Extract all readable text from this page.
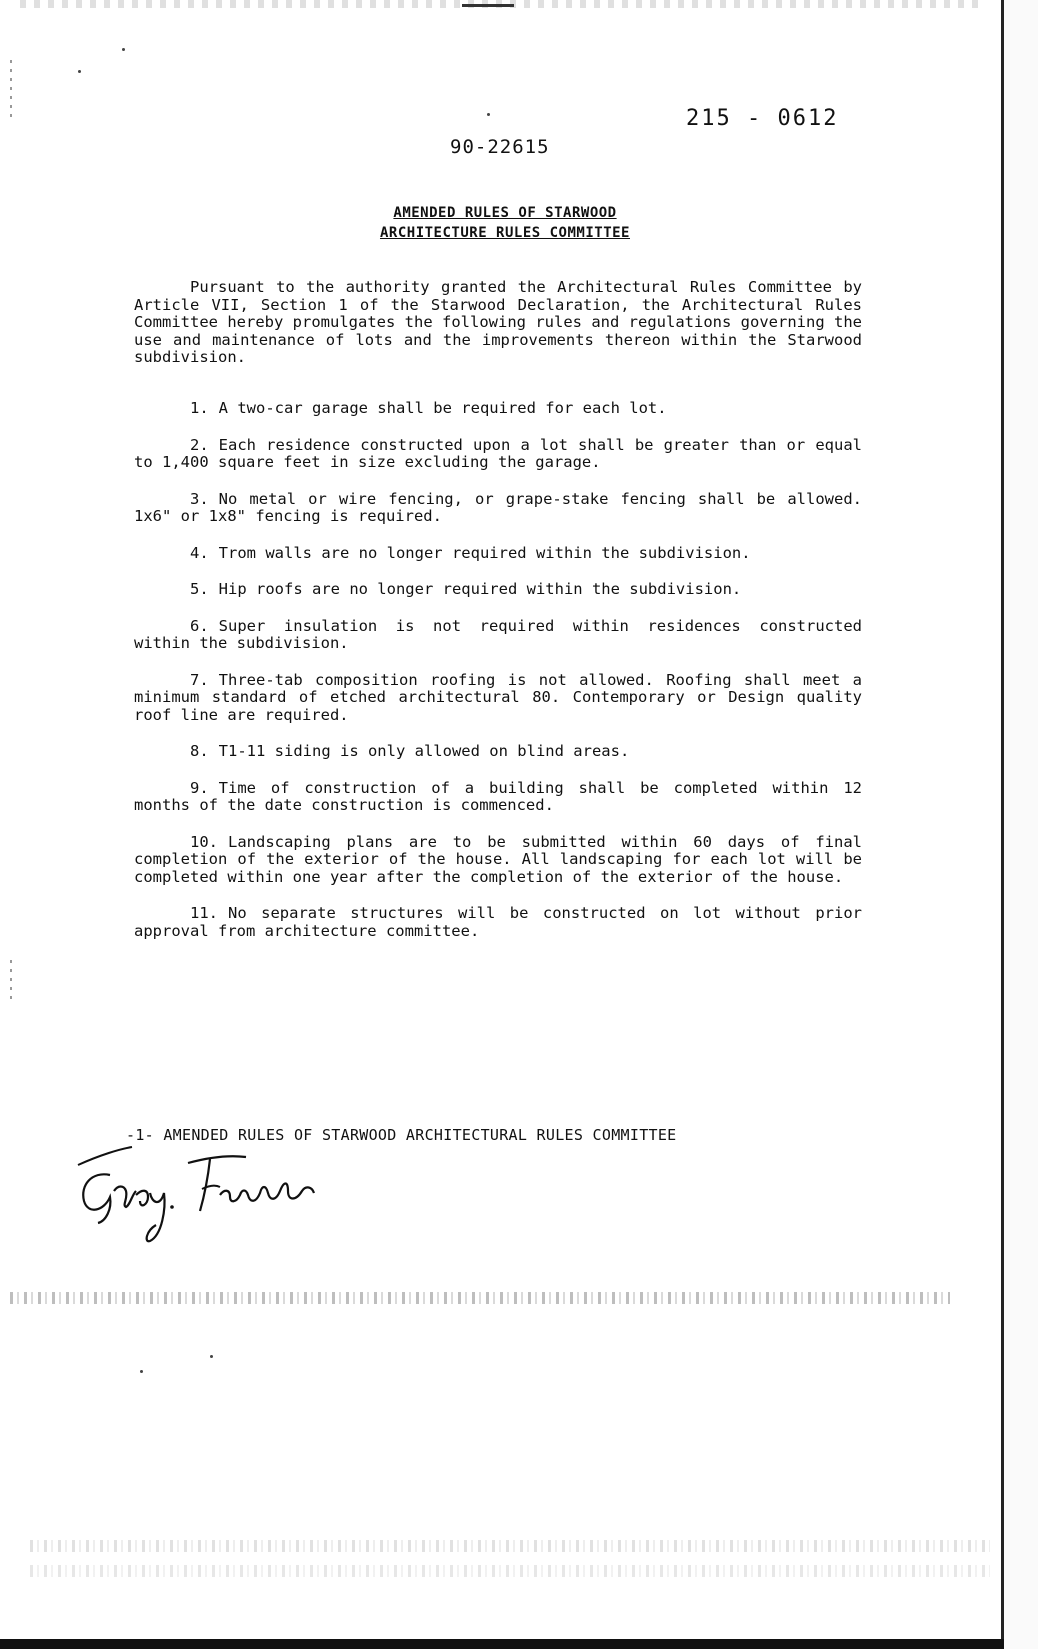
215 - 0612
90-22615
AMENDED RULES OF STARWOOD
ARCHITECTURE RULES COMMITTEE
Pursuant to the authority granted the Architectural Rules Committee by Article VII, Section 1 of the Starwood Declaration, the Architectural Rules Committee hereby promulgates the following rules and regulations governing the use and maintenance of lots and the improvements thereon within the Starwood subdivision.
1. A two-car garage shall be required for each lot.
2. Each residence constructed upon a lot shall be greater than or equal to 1,400 square feet in size excluding the garage.
3. No metal or wire fencing, or grape-stake fencing shall be allowed. 1x6" or 1x8" fencing is required.
4. Trom walls are no longer required within the subdivision.
5. Hip roofs are no longer required within the subdivision.
6. Super insulation is not required within residences constructed within the subdivision.
7. Three-tab composition roofing is not allowed. Roofing shall meet a minimum standard of etched architectural 80. Contemporary or Design quality roof line are required.
8. T1-11 siding is only allowed on blind areas.
9. Time of construction of a building shall be completed within 12 months of the date construction is commenced.
10. Landscaping plans are to be submitted within 60 days of final completion of the exterior of the house. All landscaping for each lot will be completed within one year after the completion of the exterior of the house.
11. No separate structures will be constructed on lot without prior approval from architecture committee.
-1- AMENDED RULES OF STARWOOD ARCHITECTURAL RULES COMMITTEE
